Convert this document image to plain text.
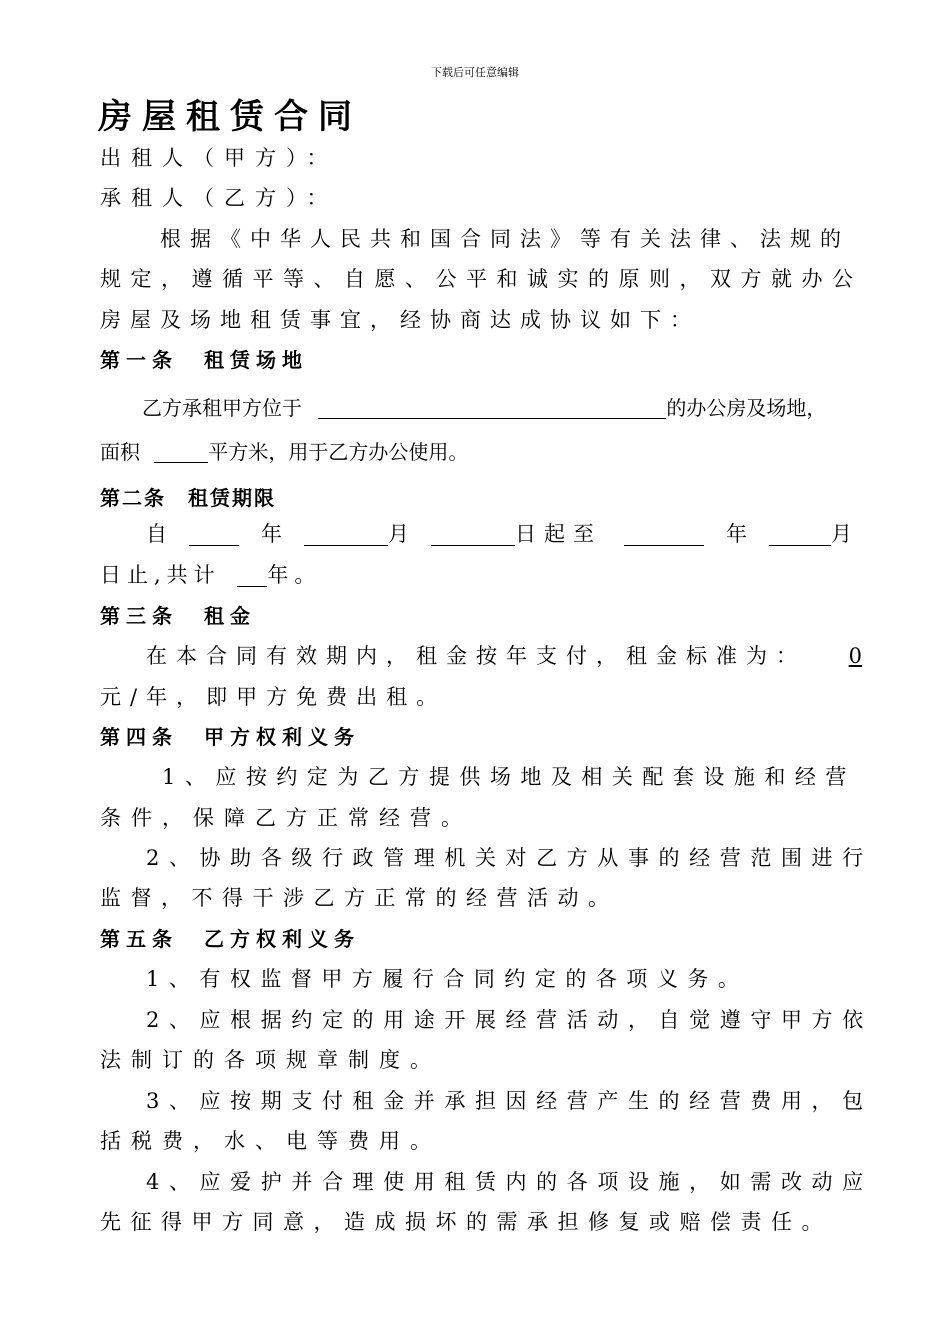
下载后可任意编辑
房屋租赁合同
出租人（甲方）：
承租人（乙方）：
根据《中华人民共和国合同法》等有关法律、法规的
规定，遵循平等、自愿、公平和诚实的原则，双方就办公
房屋及场地租赁事宜，经协商达成协议如下：
第一条　租赁场地
乙方承租甲方位于	的办公房及场地，
面积	平方米，用于乙方办公使用。
第二条　租赁期限
自
	年	月	日起至
	年	月
日止,共计 年。
第三条　租金
在本合同有效期内，租金按年支付，租金标准为： 0
元/年，即甲方免费出租。
第四条　甲方权利义务
1、应按约定为乙方提供场地及相关配套设施和经营
条件，保障乙方正常经营。
2、协助各级行政管理机关对乙方从事的经营范围进行
监督，不得干涉乙方正常的经营活动。
第五条　乙方权利义务
1、有权监督甲方履行合同约定的各项义务。
2、应根据约定的用途开展经营活动，自觉遵守甲方依
法制订的各项规章制度。
3、应按期支付租金并承担因经营产生的经营费用，包
括税费，水、电等费用。
4、应爱护并合理使用租赁内的各项设施，如需改动应
先征得甲方同意，造成损坏的需承担修复或赔偿责任。
